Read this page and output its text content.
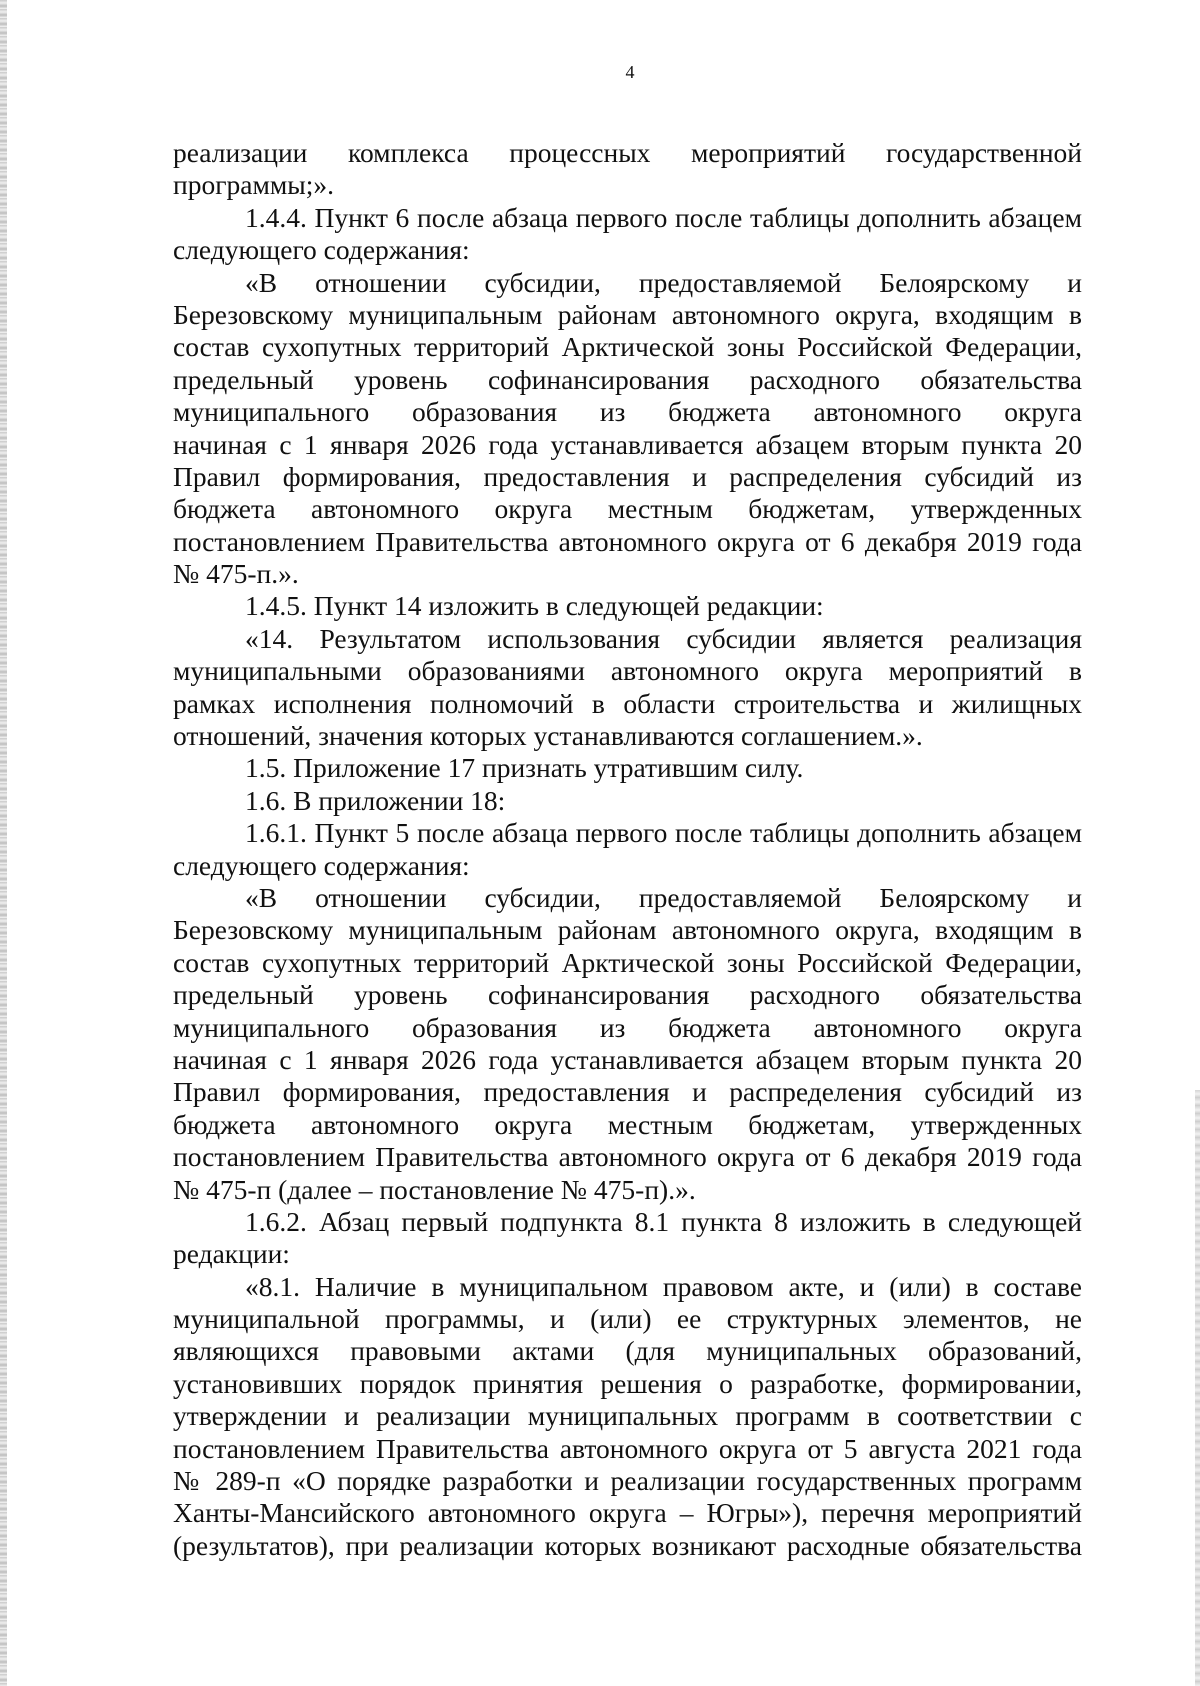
4
реализации комплекса процессных мероприятий государственной
программы;».
1.4.4. Пункт 6 после абзаца первого после таблицы дополнить абзацем
следующего содержания:
«В отношении субсидии, предоставляемой Белоярскому и
Березовскому муниципальным районам автономного округа, входящим в
состав сухопутных территорий Арктической зоны Российской Федерации,
предельный уровень софинансирования расходного обязательства
муниципального образования из бюджета автономного округа
начиная с 1 января 2026 года устанавливается абзацем вторым пункта 20
Правил формирования, предоставления и распределения субсидий из
бюджета автономного округа местным бюджетам, утвержденных
постановлением Правительства автономного округа от 6 декабря 2019 года
№ 475-п.».
1.4.5. Пункт 14 изложить в следующей редакции:
«14. Результатом использования субсидии является реализация
муниципальными образованиями автономного округа мероприятий в
рамках исполнения полномочий в области строительства и жилищных
отношений, значения которых устанавливаются соглашением.».
1.5. Приложение 17 признать утратившим силу.
1.6. В приложении 18:
1.6.1. Пункт 5 после абзаца первого после таблицы дополнить абзацем
следующего содержания:
«В отношении субсидии, предоставляемой Белоярскому и
Березовскому муниципальным районам автономного округа, входящим в
состав сухопутных территорий Арктической зоны Российской Федерации,
предельный уровень софинансирования расходного обязательства
муниципального образования из бюджета автономного округа
начиная с 1 января 2026 года устанавливается абзацем вторым пункта 20
Правил формирования, предоставления и распределения субсидий из
бюджета автономного округа местным бюджетам, утвержденных
постановлением Правительства автономного округа от 6 декабря 2019 года
№ 475-п (далее – постановление № 475-п).».
1.6.2. Абзац первый подпункта 8.1 пункта 8 изложить в следующей
редакции:
«8.1. Наличие в муниципальном правовом акте, и (или) в составе
муниципальной программы, и (или) ее структурных элементов, не
являющихся правовыми актами (для муниципальных образований,
установивших порядок принятия решения о разработке, формировании,
утверждении и реализации муниципальных программ в соответствии с
постановлением Правительства автономного округа от 5 августа 2021 года
№ 289-п «О порядке разработки и реализации государственных программ
Ханты-Мансийского автономного округа – Югры»), перечня мероприятий
(результатов), при реализации которых возникают расходные обязательства
